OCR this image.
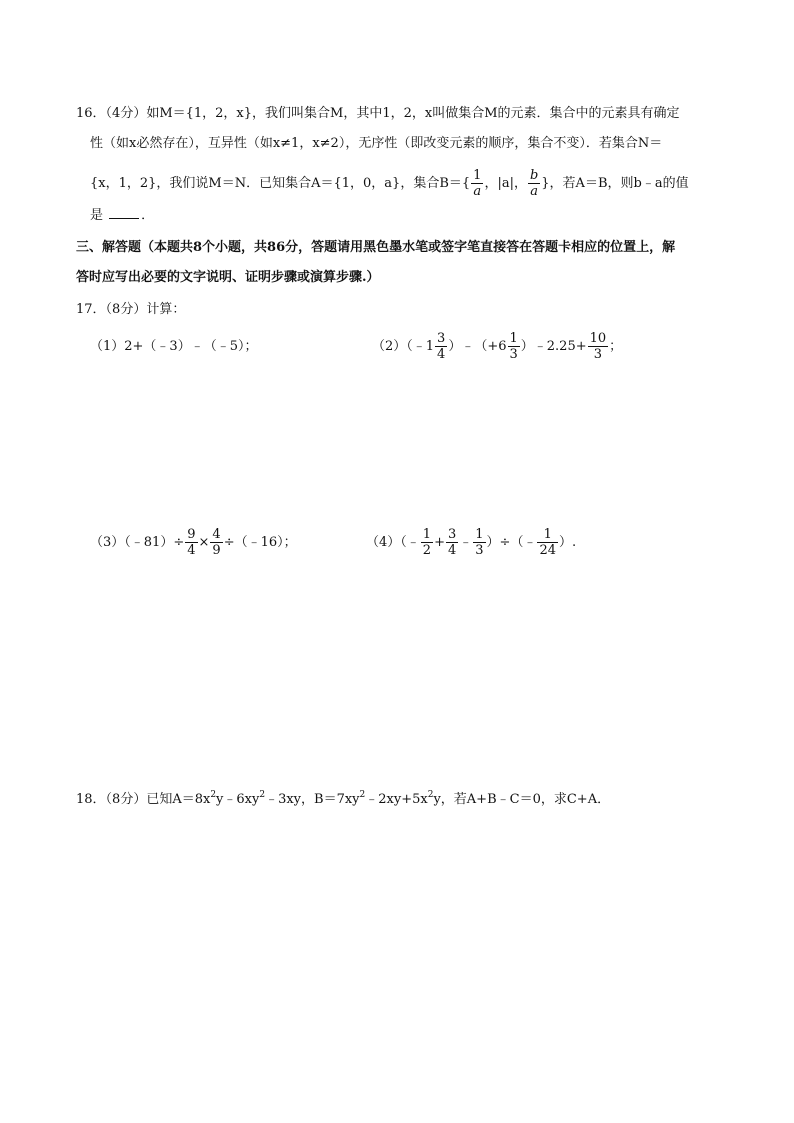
16．（4分）如M＝{1，2，x}，我们叫集合M，其中1，2，x叫做集合M的元素．集合中的元素具有确定
性（如x必然存在），互异性（如x≠1，x≠2），无序性（即改变元素的顺序，集合不变）．若集合N＝
{x，1，2}，我们说M＝N．已知集合A＝{1，0，a}，集合$B=\{ \frac{1}{a}$ ，|a|， $\frac{b}{a}$ }，若A＝B，则b﹣a的值
是	．
三、解答题（本题共8个小题，共86分，答题请用黑色墨水笔或签字笔直接答在答题卡相应的位置上，解
答时应写出必要的文字说明、证明步骤或演算步骤.）
17．（8分）计算：
（1）2+（﹣3）﹣（﹣5）；	（2）（﹣1 $\frac{3}{4}$ ）﹣（+6 $\frac{1}{3}$ ）﹣2.25+ $\frac{10}{3}$ ；
（3）（﹣81）÷ $\frac{9}{4} \times \frac{4}{9}$ ÷（﹣16）；	（4）（﹣ $\frac{1}{2} + \frac{3}{4}$ ﹣ $\frac{1}{3}$ ）÷（﹣ $\frac{1}{24}$ ）.
18．（8分）已知$A=8x^2y﹣6xy^2﹣3xy$，$B=7xy^2﹣2xy+5x^2y$，若A+B﹣C＝0，求C+A．
